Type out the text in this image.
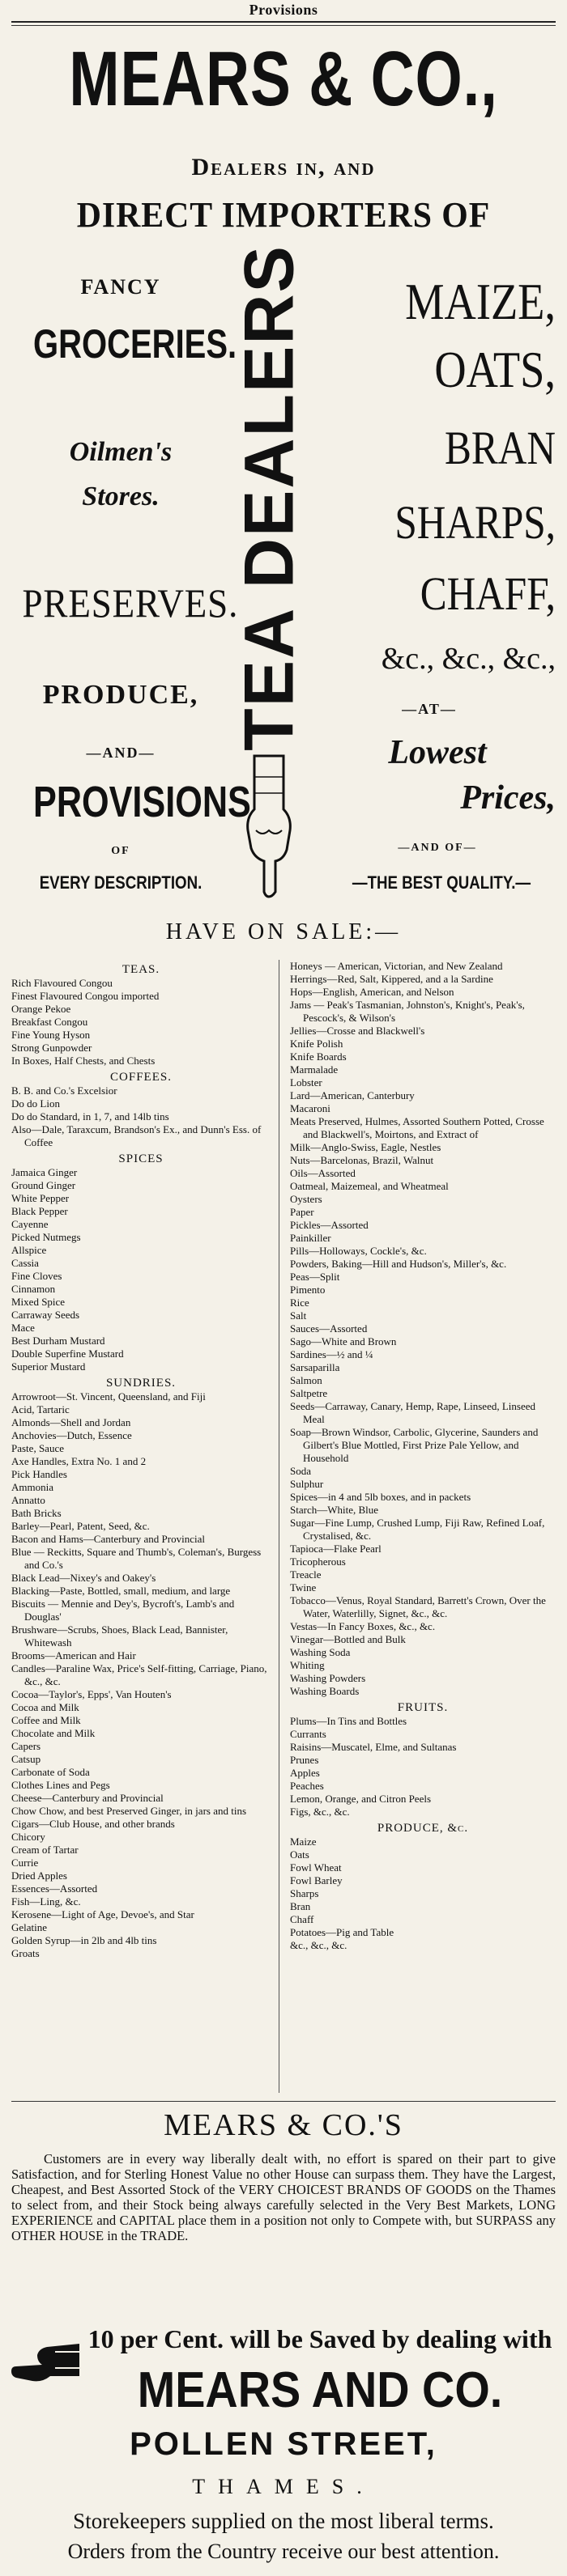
Provisions
MEARS & CO.,
Dealers in, and
DIRECT IMPORTERS OF
FANCY
GROCERIES.
Oilmen's
Stores.
PRESERVES.
PRODUCE,
—AND—
PROVISIONS
OF
EVERY DESCRIPTION.
TEA DEALERS	MAIZE,
OATS,
BRAN
SHARPS,
CHAFF,
&c., &c., &c.,
—AT—
Lowest
Prices,
—AND OF—
—THE BEST QUALITY.—
HAVE ON SALE:—
TEAS.
Rich Flavoured Congou
Finest Flavoured Congou imported
Orange Pekoe
Breakfast Congou
Fine Young Hyson
Strong Gunpowder
In Boxes, Half Chests, and Chests
COFFEES.
B. B. and Co.'s Excelsior
Do do Lion
Do do Standard, in 1, 7, and 14lb tins
Also—Dale, Taraxcum, Brandson's Ex., and Dunn's Ess. of Coffee
SPICES
Jamaica Ginger
Ground Ginger
White Pepper
Black Pepper
Cayenne
Picked Nutmegs
Allspice
Cassia
Fine Cloves
Cinnamon
Mixed Spice
Carraway Seeds
Mace
Best Durham Mustard
Double Superfine Mustard
Superior Mustard
SUNDRIES.
Arrowroot—St. Vincent, Queensland, and Fiji
Acid, Tartaric
Almonds—Shell and Jordan
Anchovies—Dutch, Essence
Paste, Sauce
Axe Handles, Extra No. 1 and 2
Pick Handles
Ammonia
Annatto
Bath Bricks
Barley—Pearl, Patent, Seed, &c.
Bacon and Hams—Canterbury and Provincial
Blue — Reckitts, Square and Thumb's, Coleman's, Burgess and Co.'s
Black Lead—Nixey's and Oakey's
Blacking—Paste, Bottled, small, medium, and large
Biscuits — Mennie and Dey's, Bycroft's, Lamb's and Douglas'
Brushware—Scrubs, Shoes, Black Lead, Bannister, Whitewash
Brooms—American and Hair
Candles—Paraline Wax, Price's Self-fitting, Carriage, Piano, &c., &c.
Cocoa—Taylor's, Epps', Van Houten's
Cocoa and Milk
Coffee and Milk
Chocolate and Milk
Capers
Catsup
Carbonate of Soda
Clothes Lines and Pegs
Cheese—Canterbury and Provincial
Chow Chow, and best Preserved Ginger, in jars and tins
Cigars—Club House, and other brands
Chicory
Cream of Tartar
Currie
Dried Apples
Essences—Assorted
Fish—Ling, &c.
Kerosene—Light of Age, Devoe's, and Star
Gelatine
Golden Syrup—in 2lb and 4lb tins
Groats
Honeys — American, Victorian, and New Zealand
Herrings—Red, Salt, Kippered, and a la Sardine
Hops—English, American, and Nelson
Jams — Peak's Tasmanian, Johnston's, Knight's, Peak's, Pescock's, & Wilson's
Jellies—Crosse and Blackwell's
Knife Polish
Knife Boards
Marmalade
Lobster
Lard—American, Canterbury
Macaroni
Meats Preserved, Hulmes, Assorted Southern Potted, Crosse and Blackwell's, Moirtons, and Extract of
Milk—Anglo-Swiss, Eagle, Nestles
Nuts—Barcelonas, Brazil, Walnut
Oils—Assorted
Oatmeal, Maizemeal, and Wheatmeal
Oysters
Paper
Pickles—Assorted
Painkiller
Pills—Holloways, Cockle's, &c.
Powders, Baking—Hill and Hudson's, Miller's, &c.
Peas—Split
Pimento
Rice
Salt
Sauces—Assorted
Sago—White and Brown
Sardines—½ and ¼
Sarsaparilla
Salmon
Saltpetre
Seeds—Carraway, Canary, Hemp, Rape, Linseed, Linseed Meal
Soap—Brown Windsor, Carbolic, Glycerine, Saunders and Gilbert's Blue Mottled, First Prize Pale Yellow, and Household
Soda
Sulphur
Spices—in 4 and 5lb boxes, and in packets
Starch—White, Blue
Sugar—Fine Lump, Crushed Lump, Fiji Raw, Refined Loaf, Crystalised, &c.
Tapioca—Flake Pearl
Tricopherous
Treacle
Twine
Tobacco—Venus, Royal Standard, Barrett's Crown, Over the Water, Waterlilly, Signet, &c., &c.
Vestas—In Fancy Boxes, &c., &c.
Vinegar—Bottled and Bulk
Washing Soda
Whiting
Washing Powders
Washing Boards
FRUITS.
Plums—In Tins and Bottles
Currants
Raisins—Muscatel, Elme, and Sultanas
Prunes
Apples
Peaches
Lemon, Orange, and Citron Peels
Figs, &c., &c.
PRODUCE, &c.
Maize
Oats
Fowl Wheat
Fowl Barley
Sharps
Bran
Chaff
Potatoes—Pig and Table
&c., &c., &c.
MEARS & CO.'S
Customers are in every way liberally dealt with, no effort is spared on their part to give Satisfaction, and for Sterling Honest Value no other House can surpass them. They have the Largest, Cheapest, and Best Assorted Stock of the VERY CHOICEST BRANDS OF GOODS on the Thames to select from, and their Stock being always carefully selected in the Very Best Markets, LONG EXPERIENCE and CAPITAL place them in a position not only to Compete with, but SURPASS any OTHER HOUSE in the TRADE.
10 per Cent. will be Saved by dealing with
MEARS AND CO.
POLLEN STREET,
THAMES.
Storekeepers supplied on the most liberal terms.
Orders from the Country receive our best attention.
